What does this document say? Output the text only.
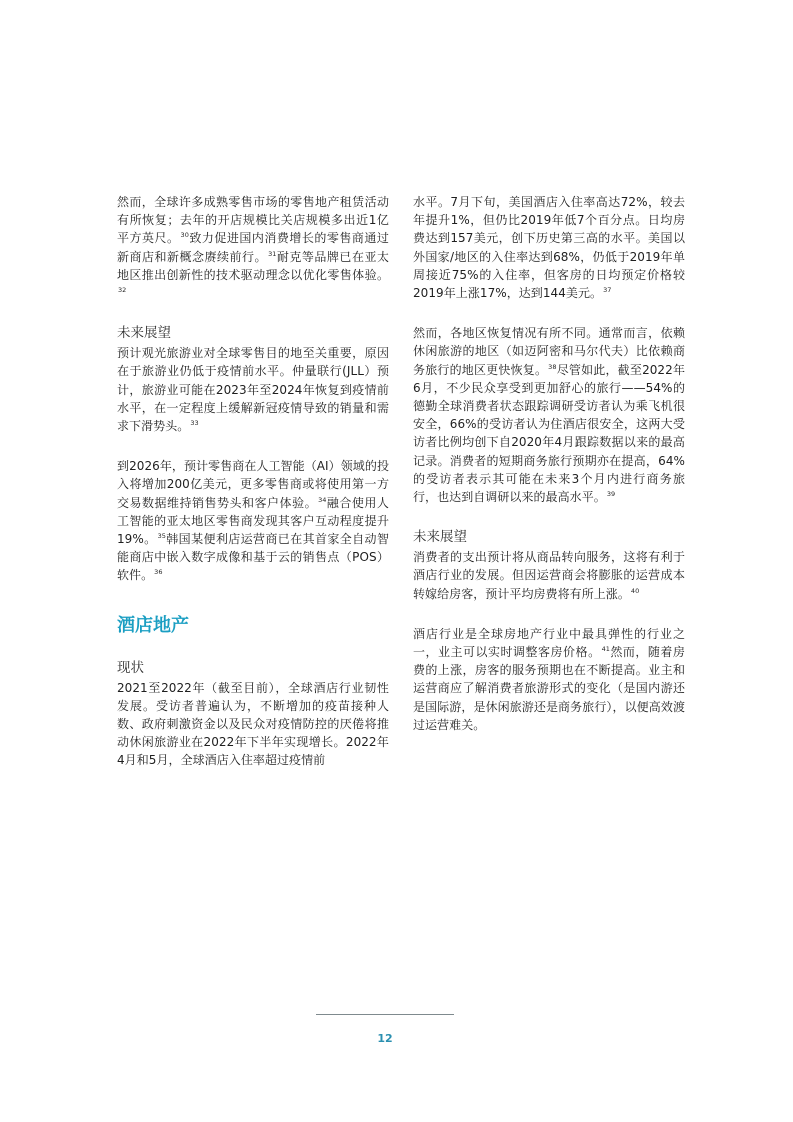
然而，全球许多成熟零售市场的零售地产租赁活动有所恢复；去年的开店规模比关店规模多出近1亿平方英尺。$^{30}$致力促进国内消费增长的零售商通过新商店和新概念赓续前行。$^{31}$耐克等品牌已在亚太地区推出创新性的技术驱动理念以优化零售体验。$^{32}$

未来展望

预计观光旅游业对全球零售目的地至关重要，原因在于旅游业仍低于疫情前水平。仲量联行(JLL）预计，旅游业可能在2023年至2024年恢复到疫情前水平，在一定程度上缓解新冠疫情导致的销量和需求下滑势头。$^{33}$

到2026年，预计零售商在人工智能（AI）领域的投入将增加200亿美元，更多零售商或将使用第一方交易数据维持销售势头和客户体验。$^{34}$融合使用人工智能的亚太地区零售商发现其客户互动程度提升19%。$^{35}$韩国某便利店运营商已在其首家全自动智能商店中嵌入数字成像和基于云的销售点（POS）软件。$^{36}$

酒店地产
现状

2021至2022年（截至目前），全球酒店行业韧性发展。受访者普遍认为，不断增加的疫苗接种人数、政府刺激资金以及民众对疫情防控的厌倦将推动休闲旅游业在2022年下半年实现增长。2022年4月和5月，全球酒店入住率超过疫情前

水平。7月下旬，美国酒店入住率高达72%，较去年提升1%，但仍比2019年低7个百分点。日均房费达到157美元，创下历史第三高的水平。美国以外国家/地区的入住率达到68%，仍低于2019年单周接近75%的入住率，但客房的日均预定价格较2019年上涨17%，达到144美元。$^{37}$

然而，各地区恢复情况有所不同。通常而言，依赖休闲旅游的地区（如迈阿密和马尔代夫）比依赖商务旅行的地区更快恢复。$^{38}$尽管如此，截至2022年6月，不少民众享受到更加舒心的旅行——54%的德勤全球消费者状态跟踪调研受访者认为乘飞机很安全，66%的受访者认为住酒店很安全，这两大受访者比例均创下自2020年4月跟踪数据以来的最高记录。消费者的短期商务旅行预期亦在提高，64%的受访者表示其可能在未来3个月内进行商务旅行，也达到自调研以来的最高水平。$^{39}$

未来展望

消费者的支出预计将从商品转向服务，这将有利于酒店行业的发展。但因运营商会将膨胀的运营成本转嫁给房客，预计平均房费将有所上涨。$^{40}$

酒店行业是全球房地产行业中最具弹性的行业之一，业主可以实时调整客房价格。$^{41}$然而，随着房费的上涨，房客的服务预期也在不断提高。业主和运营商应了解消费者旅游形式的变化（是国内游还是国际游，是休闲旅游还是商务旅行），以便高效渡过运营难关。

12
